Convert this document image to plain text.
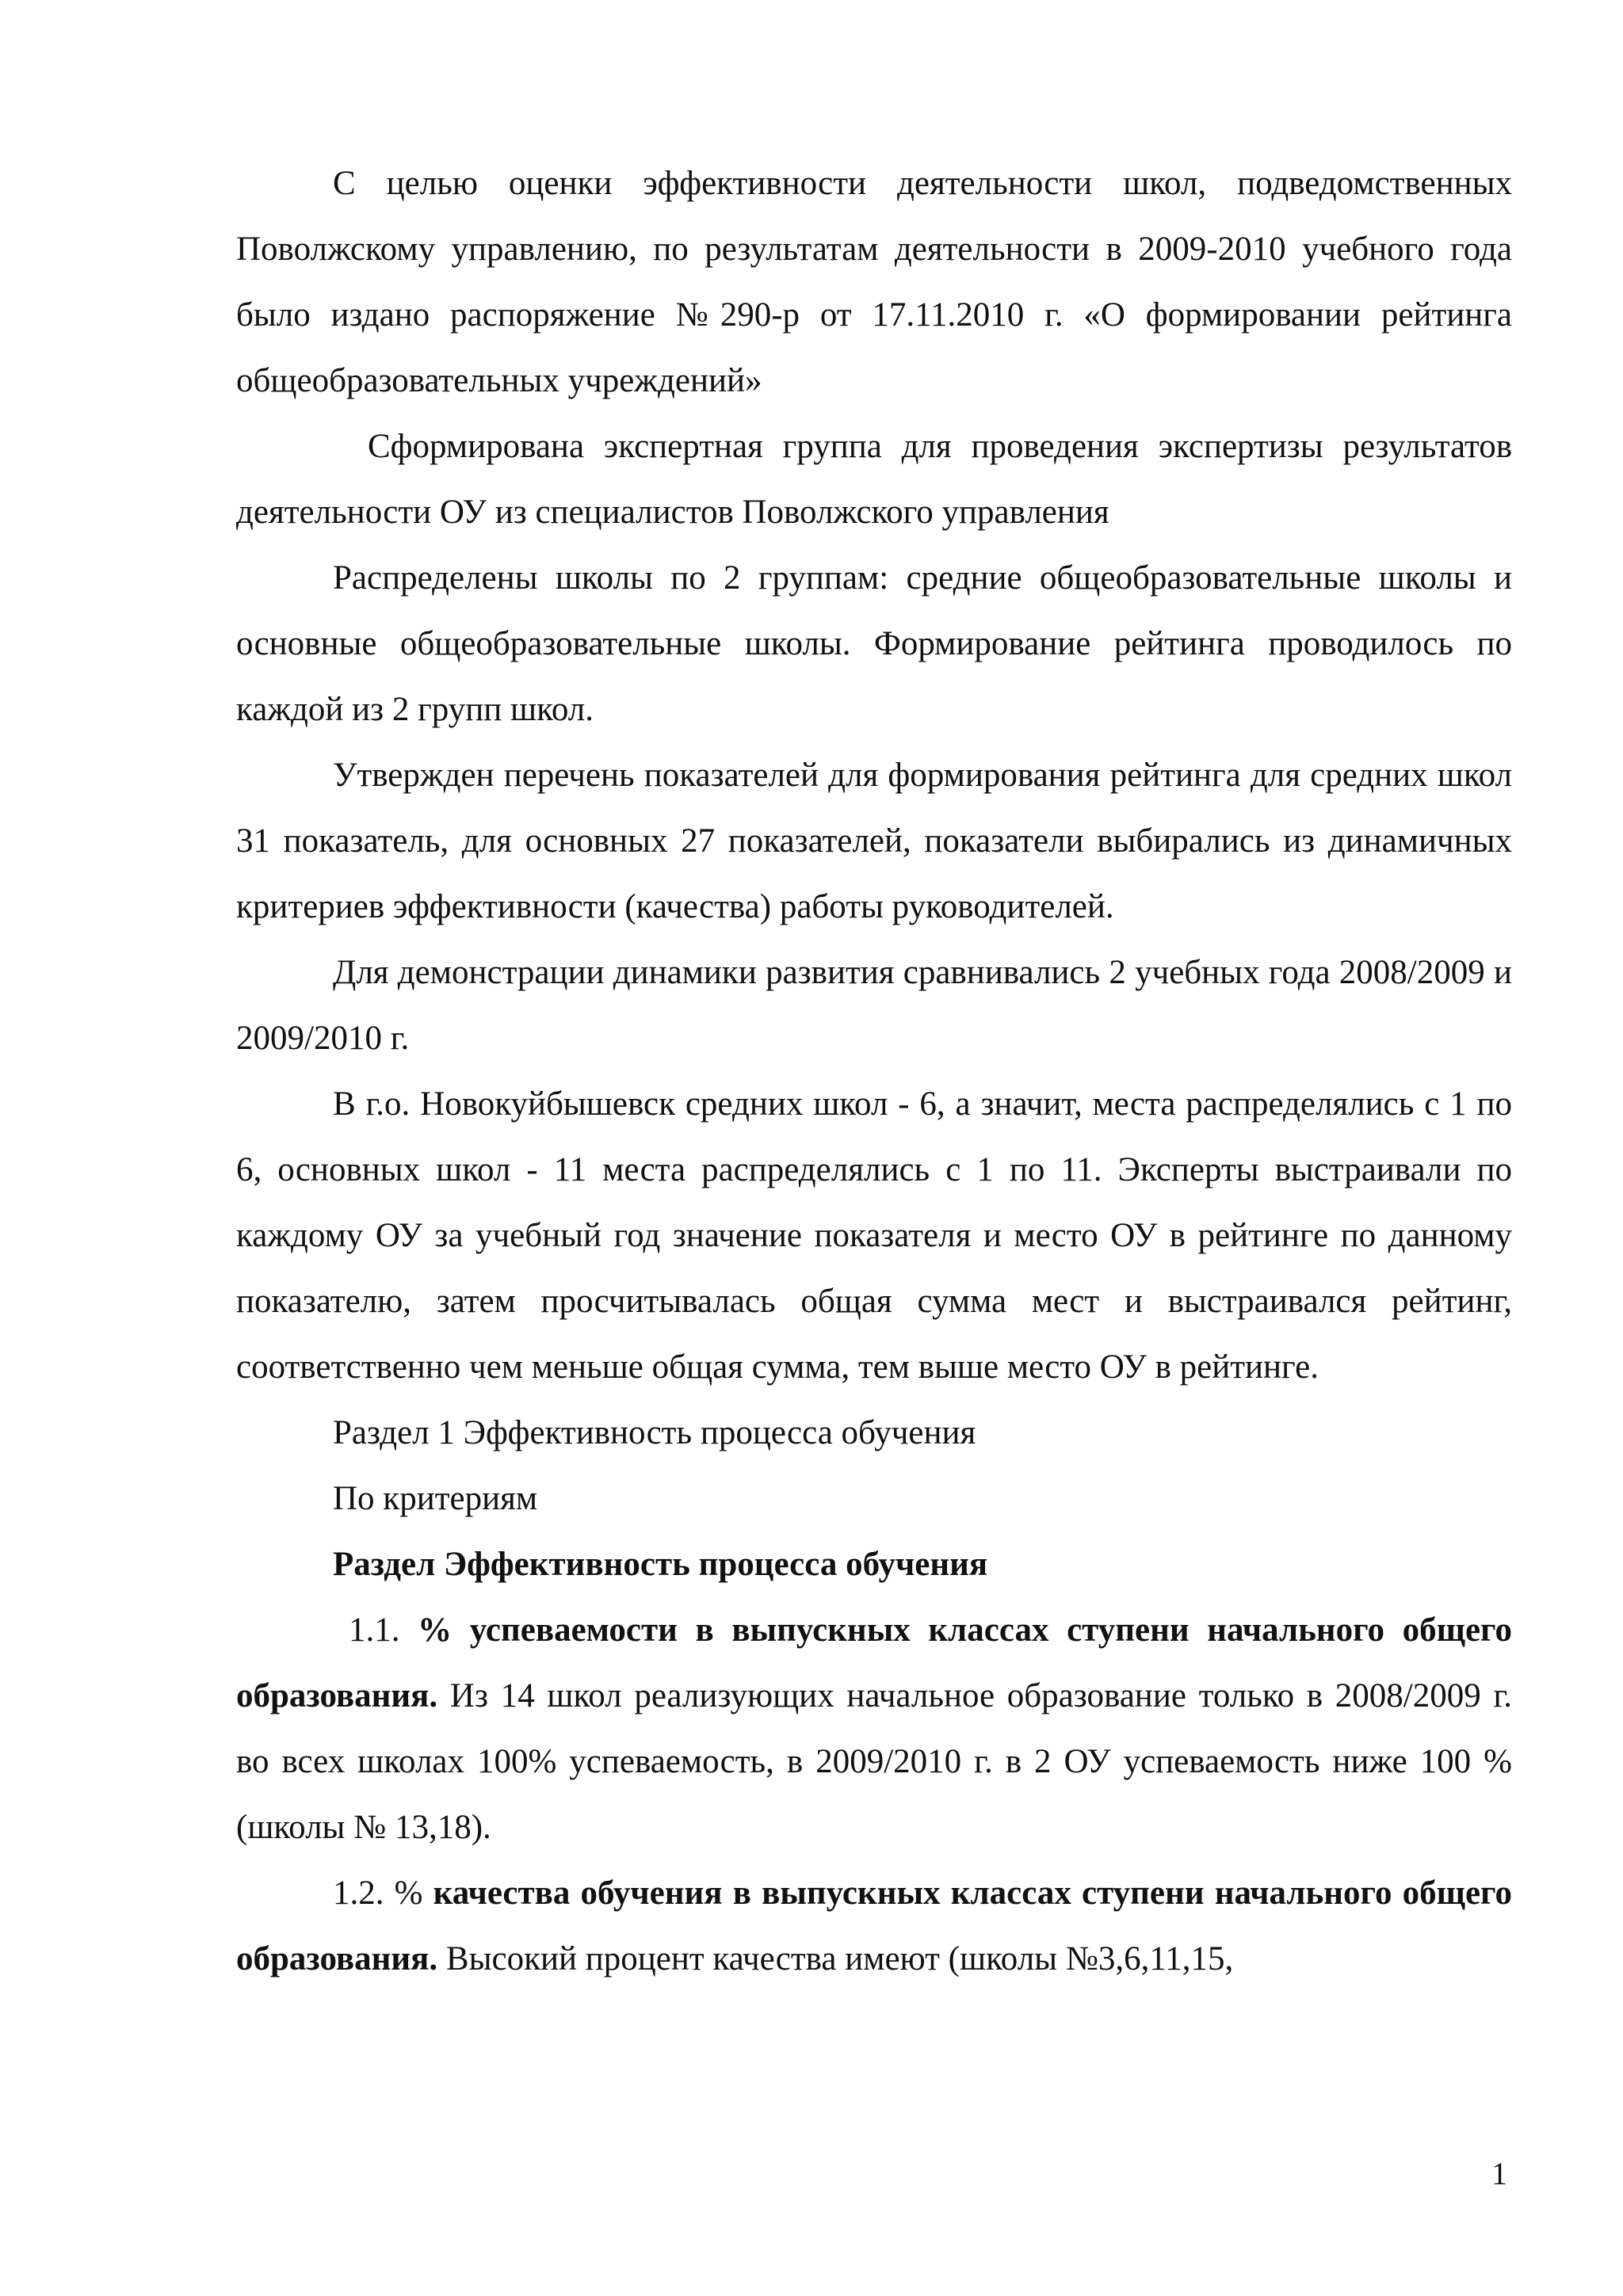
С целью оценки эффективности деятельности школ, подведомственных Поволжскому управлению, по результатам деятельности в 2009-2010 учебного года было издано распоряжение №290-р от 17.11.2010 г. «О формировании рейтинга общеобразовательных учреждений»

Сформирована экспертная группа для проведения экспертизы результатов деятельности ОУ из специалистов Поволжского управления

Распределены школы по 2 группам: средние общеобразовательные школы и основные общеобразовательные школы. Формирование рейтинга проводилось по каждой из 2 групп школ.

Утвержден перечень показателей для формирования рейтинга для средних школ 31 показатель, для основных 27 показателей, показатели выбирались из динамичных критериев эффективности (качества) работы руководителей.

Для демонстрации динамики развития сравнивались 2 учебных года 2008/2009 и 2009/2010 г.

В г.о. Новокуйбышевск средних школ - 6, а значит, места распределялись с 1 по 6, основных школ - 11 места распределялись с 1 по 11. Эксперты выстраивали по каждому ОУ за учебный год значение показателя и место ОУ в рейтинге по данному показателю, затем просчитывалась общая сумма мест и выстраивался рейтинг, соответственно чем меньше общая сумма, тем выше место ОУ в рейтинге.

Раздел 1 Эффективность процесса обучения

По критериям

Раздел Эффективность процесса обучения

1.1. % успеваемости в выпускных классах ступени начального общего образования. Из 14 школ реализующих начальное образование только в 2008/2009 г. во всех школах 100% успеваемость, в 2009/2010 г. в 2 ОУ успеваемость ниже 100 % (школы № 13,18).

1.2. % качества обучения в выпускных классах ступени начального общего образования. Высокий процент качества имеют (школы №3,6,11,15,

1
